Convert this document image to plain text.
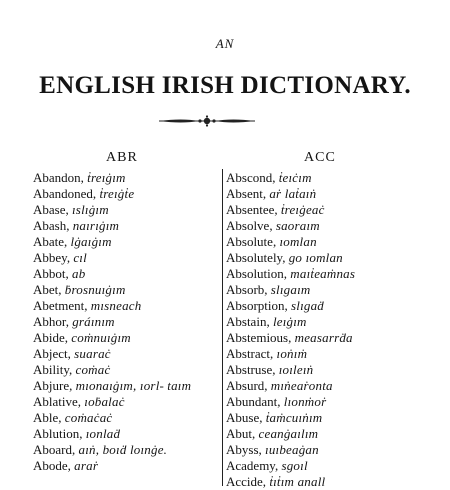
AN
ENGLISH IRISH DICTIONARY.
ABR	ACC
Abandon, ṫreıġım
Abandoned, ṫreıġṫe
Abase, ıslıġım
Abash, naırıġım
Abate, lġaıġım
Abbey, cıl
Abbot, ab
Abet, ḃrosnuıġım
Abetment, mısneach
Abhor, gráınım
Abide, coṁnuıġım
Abject, suaraċ
Ability, coṁaċ
Abjure, mıonaıġım, ıorl- taım
Ablative, ıoḃalaċ
Able, coṁaċaċ
Ablution, ıonlaḋ
Aboard, aıṅ, boıḋ loınġe.
Abode, araṙ
Abscond, ṫeıċım
Absent, aṙ laṫaıṅ
Absentee, ṫreıġeaċ
Absolve, saoraım
Absolute, ıomlan
Absolutely, go ıomlan
Absolution, maıṫeaṁnas
Absorb, slıgaım
Absorption, slıgaḋ
Abstain, leıġım
Abstemious, measarrḋa
Abstract, ıoṅıṁ
Abstruse, ıoıleıṅ
Absurd, mıṅeaṙonta
Abundant, lıonṁoṙ
Abuse, ṫaṁcuıṅım
Abut, ceanġaılım
Abyss, ıuıbeaġan
Academy, sgoıl
Accide, ṫıṫım anall
